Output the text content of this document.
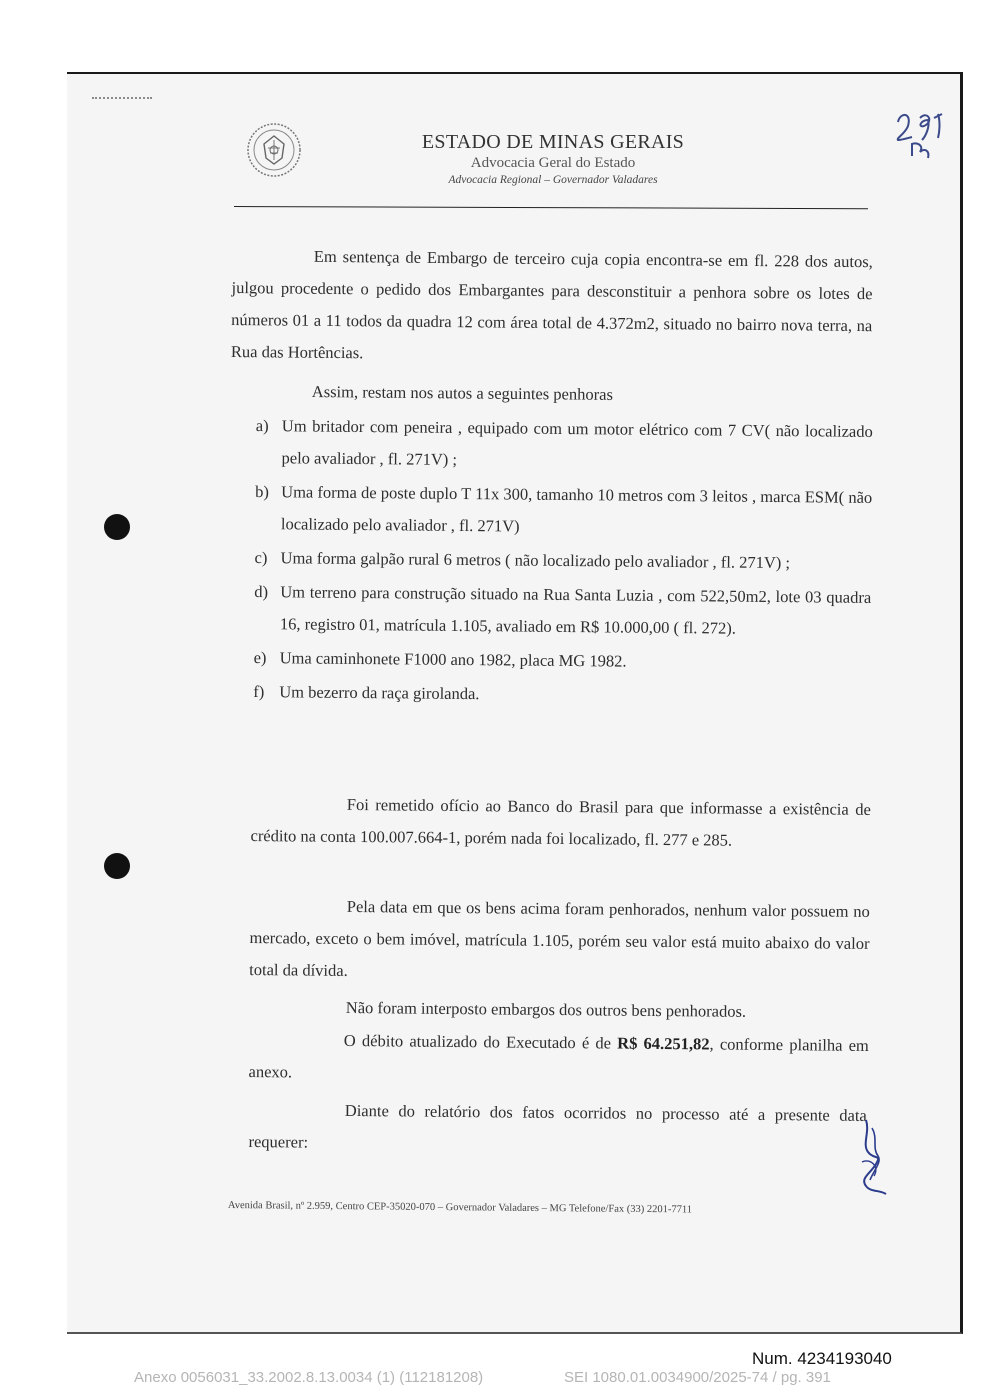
ESTADO DE MINAS GERAIS
Advocacia Geral do Estado
Advocacia Regional – Governador Valadares
Em sentença de Embargo de terceiro cuja copia encontra-se em fl. 228 dos autos, julgou procedente o pedido dos Embargantes para desconstituir a penhora sobre os lotes de números 01 a 11 todos da quadra 12 com área total de 4.372m2, situado no bairro nova terra, na Rua das Hortências.
Assim, restam nos autos a seguintes penhoras
a) Um britador com peneira , equipado com um motor elétrico com 7 CV( não localizado pelo avaliador , fl. 271V) ;
b) Uma forma de poste duplo T 11x 300, tamanho 10 metros com 3 leitos , marca ESM( não localizado pelo avaliador , fl. 271V)
c) Uma forma galpão rural 6 metros ( não localizado pelo avaliador , fl. 271V) ;
d) Um terreno para construção situado na Rua Santa Luzia , com 522,50m2, lote 03 quadra 16, registro 01, matrícula 1.105, avaliado em R$ 10.000,00 ( fl. 272).
e) Uma caminhonete F1000 ano 1982, placa MG 1982.
f) Um bezerro da raça girolanda.
Foi remetido ofício ao Banco do Brasil para que informasse a existência de crédito na conta 100.007.664-1, porém nada foi localizado, fl. 277 e 285.
Pela data em que os bens acima foram penhorados, nenhum valor possuem no mercado, exceto o bem imóvel, matrícula 1.105, porém seu valor está muito abaixo do valor total da dívida.
Não foram interposto embargos dos outros bens penhorados.
O débito atualizado do Executado é de R$ 64.251,82, conforme planilha em anexo.
Diante do relatório dos fatos ocorridos no processo até a presente data requerer:
Avenida Brasil, nº 2.959, Centro CEP-35020-070 – Governador Valadares – MG Telefone/Fax (33) 2201-7711
Num. 4234193040
Anexo 0056031_33.2002.8.13.0034 (1) (112181208)	SEI 1080.01.0034900/2025-74 / pg. 391
